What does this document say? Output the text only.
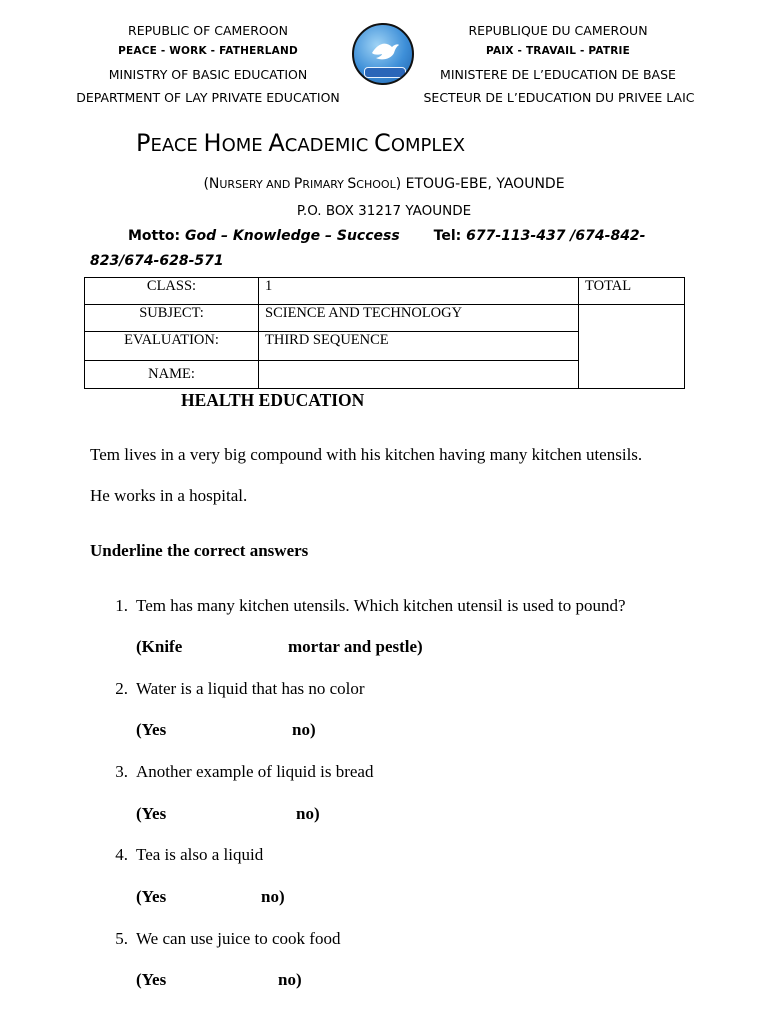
REPUBLIC OF CAMEROON
PEACE - WORK - FATHERLAND
MINISTRY OF BASIC EDUCATION
DEPARTMENT OF LAY PRIVATE EDUCATION
REPUBLIQUE DU CAMEROUN
PAIX - TRAVAIL - PATRIE
MINISTERE DE L’EDUCATION DE BASE
SECTEUR DE L’EDUCATION DU PRIVEE LAIC
PEACE HOME ACADEMIC COMPLEX
(NURSERY AND PRIMARY SCHOOL) ETOUG-EBE, YAOUNDE
P.O. BOX 31217 YAOUNDE
Motto: God – Knowledge – Success Tel: 677-113-437 /674-842-
823/674-628-571
CLASS:	1	TOTAL
SUBJECT:	SCIENCE AND TECHNOLOGY	
EVALUATION:	THIRD SEQUENCE	
NAME:		
HEALTH EDUCATION
Tem lives in a very big compound with his kitchen having many kitchen utensils.
He works in a hospital.
Underline the correct answers
1. Tem has many kitchen utensils. Which kitchen utensil is used to pound?
(Knife	mortar and pestle)
2. Water is a liquid that has no color
(Yes	no)
3. Another example of liquid is bread
(Yes	no)
4. Tea is also a liquid
(Yes	no)
5. We can use juice to cook food
(Yes	no)
